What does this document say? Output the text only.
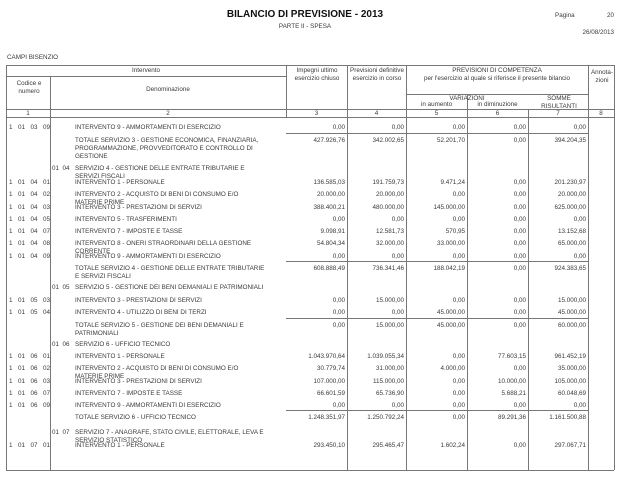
BILANCIO DI PREVISIONE - 2013
PARTE II - SPESA
Pagina	20
26/08/2013
CAMPI BISENZIO
Intervento
Codice e numero	Denominazione
Impegni ultimo esercizio chiuso
Previsioni definitive esercizio in corso
PREVISIONI DI COMPETENZA
per l'esercizio al quale si riferisce il presente bilancio
VARIAZIONI
in aumento	in diminuzione
SOMME RISULTANTI
Annota-zioni
1	2	3	4	5	6	7	8
1  01  03  09	INTERVENTO 9 - AMMORTAMENTI DI ESERCIZIO	0,00	0,00	0,00	0,00	0,00
TOTALE SERVIZIO 3 - GESTIONE ECONOMICA, FINANZIARIA, PROGRAMMAZIONE, PROVVEDITORATO E CONTROLLO DI GESTIONE
427.926,76	342.002,65	52.201,70	0,00	394.204,35
01  04 SERVIZIO 4 - GESTIONE DELLE ENTRATE TRIBUTARIE E SERVIZI FISCALI
1  01  04  01	INTERVENTO 1 - PERSONALE	136.585,03	191.759,73	9.471,24	0,00	201.230,97
1  01  04  02	INTERVENTO 2 - ACQUISTO DI BENI DI CONSUMO E/O MATERIE PRIME
20.000,00	20.000,00	0,00	0,00	20.000,00
1  01  04  03	INTERVENTO 3 - PRESTAZIONI DI SERVIZI	388.400,21	480.000,00	145.000,00	0,00	625.000,00
1  01  04  05	INTERVENTO 5 - TRASFERIMENTI	0,00	0,00	0,00	0,00	0,00
1  01  04  07	INTERVENTO 7 - IMPOSTE E TASSE	9.098,91	12.581,73	570,95	0,00	13.152,68
1  01  04  08	INTERVENTO 8 - ONERI STRAORDINARI DELLA GESTIONE CORRENTE
54.804,34	32.000,00	33.000,00	0,00	65.000,00
1  01  04  09	INTERVENTO 9 - AMMORTAMENTI DI ESERCIZIO	0,00	0,00	0,00	0,00	0,00
TOTALE SERVIZIO 4 - GESTIONE DELLE ENTRATE TRIBUTARIE E SERVIZI FISCALI
608.888,49	736.341,46	188.042,19	0,00	924.383,65
01  05 SERVIZIO 5 - GESTIONE DEI BENI DEMANIALI E PATRIMONIALI
1  01  05  03	INTERVENTO 3 - PRESTAZIONI DI SERVIZI	0,00	15.000,00	0,00	0,00	15.000,00
1  01  05  04	INTERVENTO 4 - UTILIZZO DI BENI DI TERZI	0,00	0,00	45.000,00	0,00	45.000,00
TOTALE SERVIZIO 5 - GESTIONE DEI BENI DEMANIALI E PATRIMONIALI
0,00	15.000,00	45.000,00	0,00	60.000,00
01  06 SERVIZIO 6 - UFFICIO TECNICO
1  01  06  01	INTERVENTO 1 - PERSONALE	1.043.970,64	1.039.055,34	0,00	77.603,15	961.452,19
1  01  06  02	INTERVENTO 2 - ACQUISTO DI BENI DI CONSUMO E/O MATERIE PRIME
30.779,74	31.000,00	4.000,00	0,00	35.000,00
1  01  06  03	INTERVENTO 3 - PRESTAZIONI DI SERVIZI	107.000,00	115.000,00	0,00	10.000,00	105.000,00
1  01  06  07	INTERVENTO 7 - IMPOSTE E TASSE	66.601,59	65.736,90	0,00	5.688,21	60.048,69
1  01  06  09	INTERVENTO 9 - AMMORTAMENTI DI ESERCIZIO	0,00	0,00	0,00	0,00	0,00
TOTALE SERVIZIO 6 - UFFICIO TECNICO	1.248.351,97	1.250.792,24	0,00	89.291,36	1.161.500,88
01  07 SERVIZIO 7 - ANAGRAFE, STATO CIVILE, ELETTORALE, LEVA E SERVIZIO STATISTICO
1  01  07  01	INTERVENTO 1 - PERSONALE	293.450,10	295.465,47	1.602,24	0,00	297.067,71
